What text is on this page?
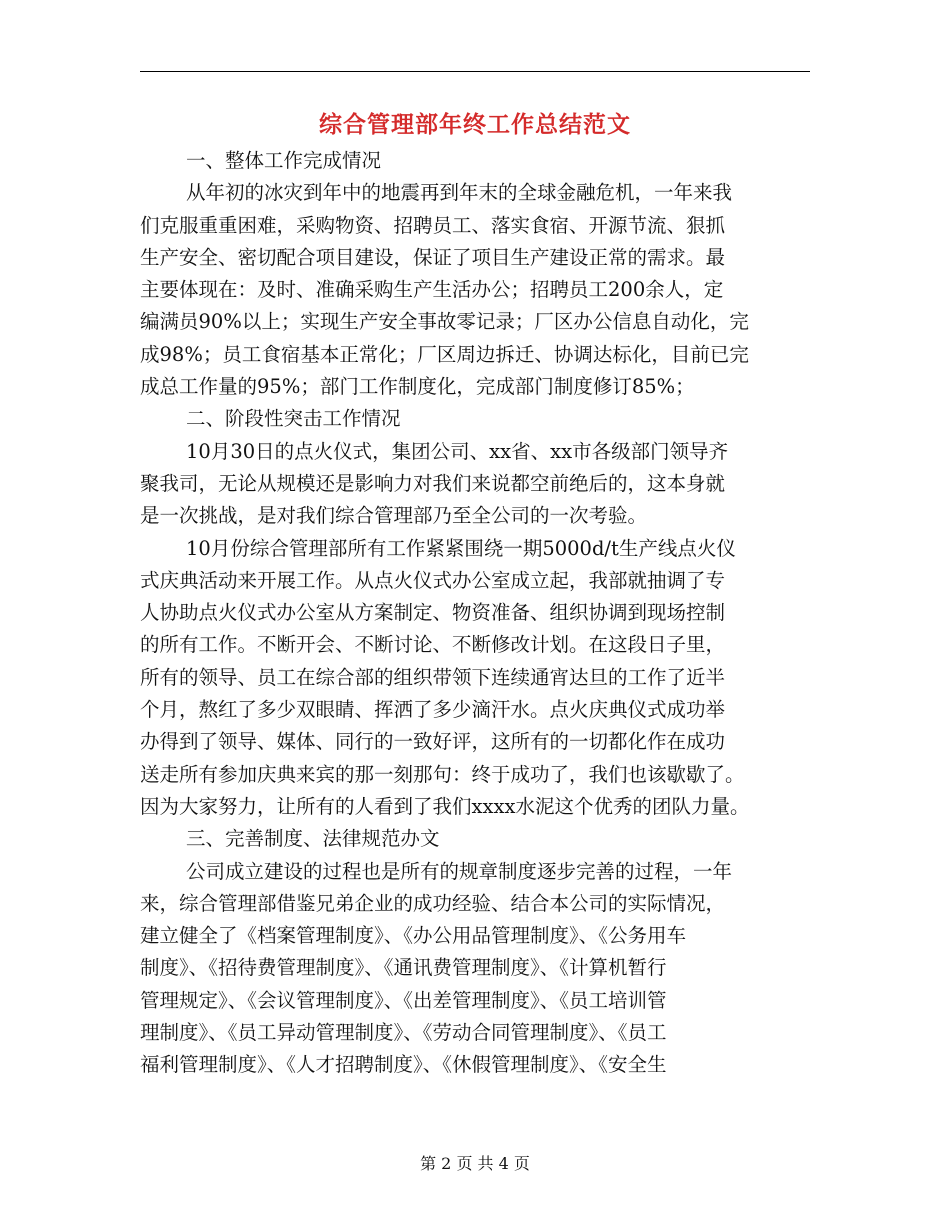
综合管理部年终工作总结范文
一、整体工作完成情况
从年初的冰灾到年中的地震再到年末的全球金融危机，一年来我
们克服重重困难，采购物资、招聘员工、落实食宿、开源节流、狠抓
生产安全、密切配合项目建设，保证了项目生产建设正常的需求。最
主要体现在：及时、准确采购生产生活办公；招聘员工200余人，定
编满员90%以上；实现生产安全事故零记录；厂区办公信息自动化，完
成98%；员工食宿基本正常化；厂区周边拆迁、协调达标化，目前已完
成总工作量的95%；部门工作制度化，完成部门制度修订85%；
二、阶段性突击工作情况
10月30日的点火仪式，集团公司、xx省、xx市各级部门领导齐
聚我司，无论从规模还是影响力对我们来说都空前绝后的，这本身就
是一次挑战，是对我们综合管理部乃至全公司的一次考验。
10月份综合管理部所有工作紧紧围绕一期5000d/t生产线点火仪
式庆典活动来开展工作。从点火仪式办公室成立起，我部就抽调了专
人协助点火仪式办公室从方案制定、物资准备、组织协调到现场控制
的所有工作。不断开会、不断讨论、不断修改计划。在这段日子里，
所有的领导、员工在综合部的组织带领下连续通宵达旦的工作了近半
个月，熬红了多少双眼睛、挥洒了多少滴汗水。点火庆典仪式成功举
办得到了领导、媒体、同行的一致好评，这所有的一切都化作在成功
送走所有参加庆典来宾的那一刻那句：终于成功了，我们也该歇歇了。
因为大家努力，让所有的人看到了我们xxxx水泥这个优秀的团队力量。
三、完善制度、法律规范办文
公司成立建设的过程也是所有的规章制度逐步完善的过程，一年
来，综合管理部借鉴兄弟企业的成功经验、结合本公司的实际情况，
建立健全了《档案管理制度》、《办公用品管理制度》、《公务用车
制度》、《招待费管理制度》、《通讯费管理制度》、《计算机暂行
管理规定》、《会议管理制度》、《出差管理制度》、《员工培训管
理制度》、《员工异动管理制度》、《劳动合同管理制度》、《员工
福利管理制度》、《人才招聘制度》、《休假管理制度》、《安全生
第 2 页 共 4 页
